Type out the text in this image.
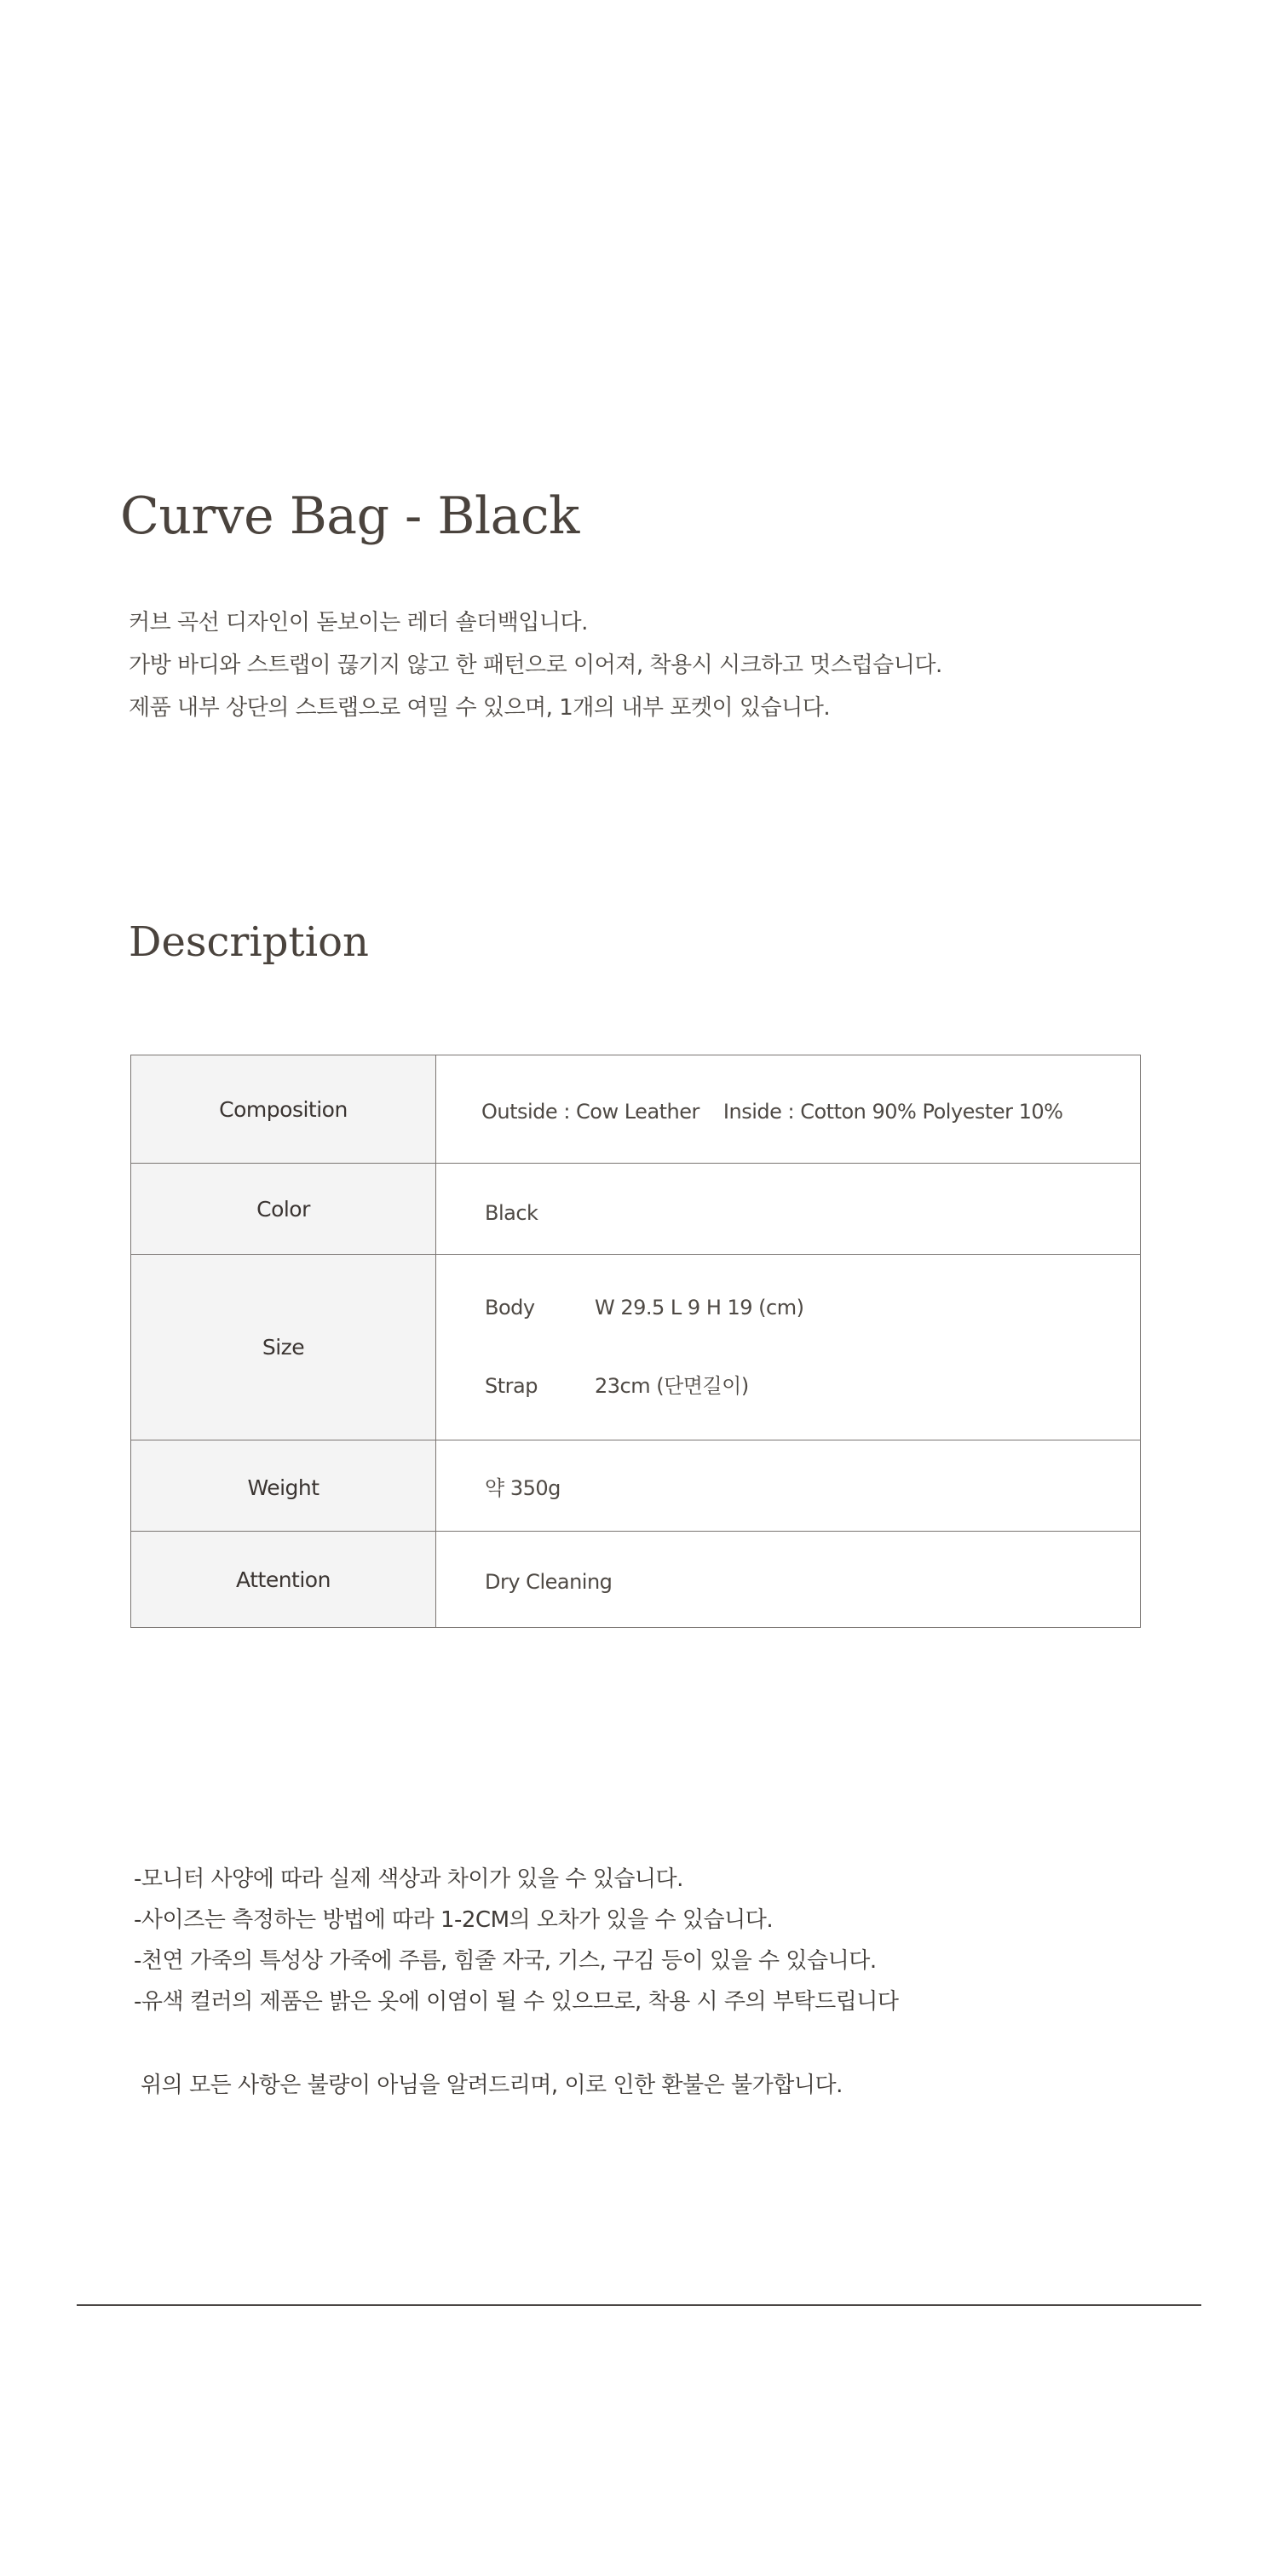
Curve Bag - Black

커브 곡선 디자인이 돋보이는 레더 숄더백입니다.

가방 바디와 스트랩이 끊기지 않고 한 패턴으로 이어져, 착용시 시크하고 멋스럽습니다.

제품 내부 상단의 스트랩으로 여밀 수 있으며, 1개의 내부 포켓이 있습니다.

Description
Composition	Outside : Cow Leather Inside : Cotton 90% Polyester 10%
Color	Black
Size	Body W 29.5 L 9 H 19 (cm)
Strap 23cm (단면길이)

Weight	약 350g
Attention	Dry Cleaning

-모니터 사양에 따라 실제 색상과 차이가 있을 수 있습니다.

-사이즈는 측정하는 방법에 따라 1-2CM의 오차가 있을 수 있습니다.

-천연 가죽의 특성상 가죽에 주름, 힘줄 자국, 기스, 구김 등이 있을 수 있습니다.

-유색 컬러의 제품은 밝은 옷에 이염이 될 수 있으므로, 착용 시 주의 부탁드립니다

위의 모든 사항은 불량이 아님을 알려드리며, 이로 인한 환불은 불가합니다.
